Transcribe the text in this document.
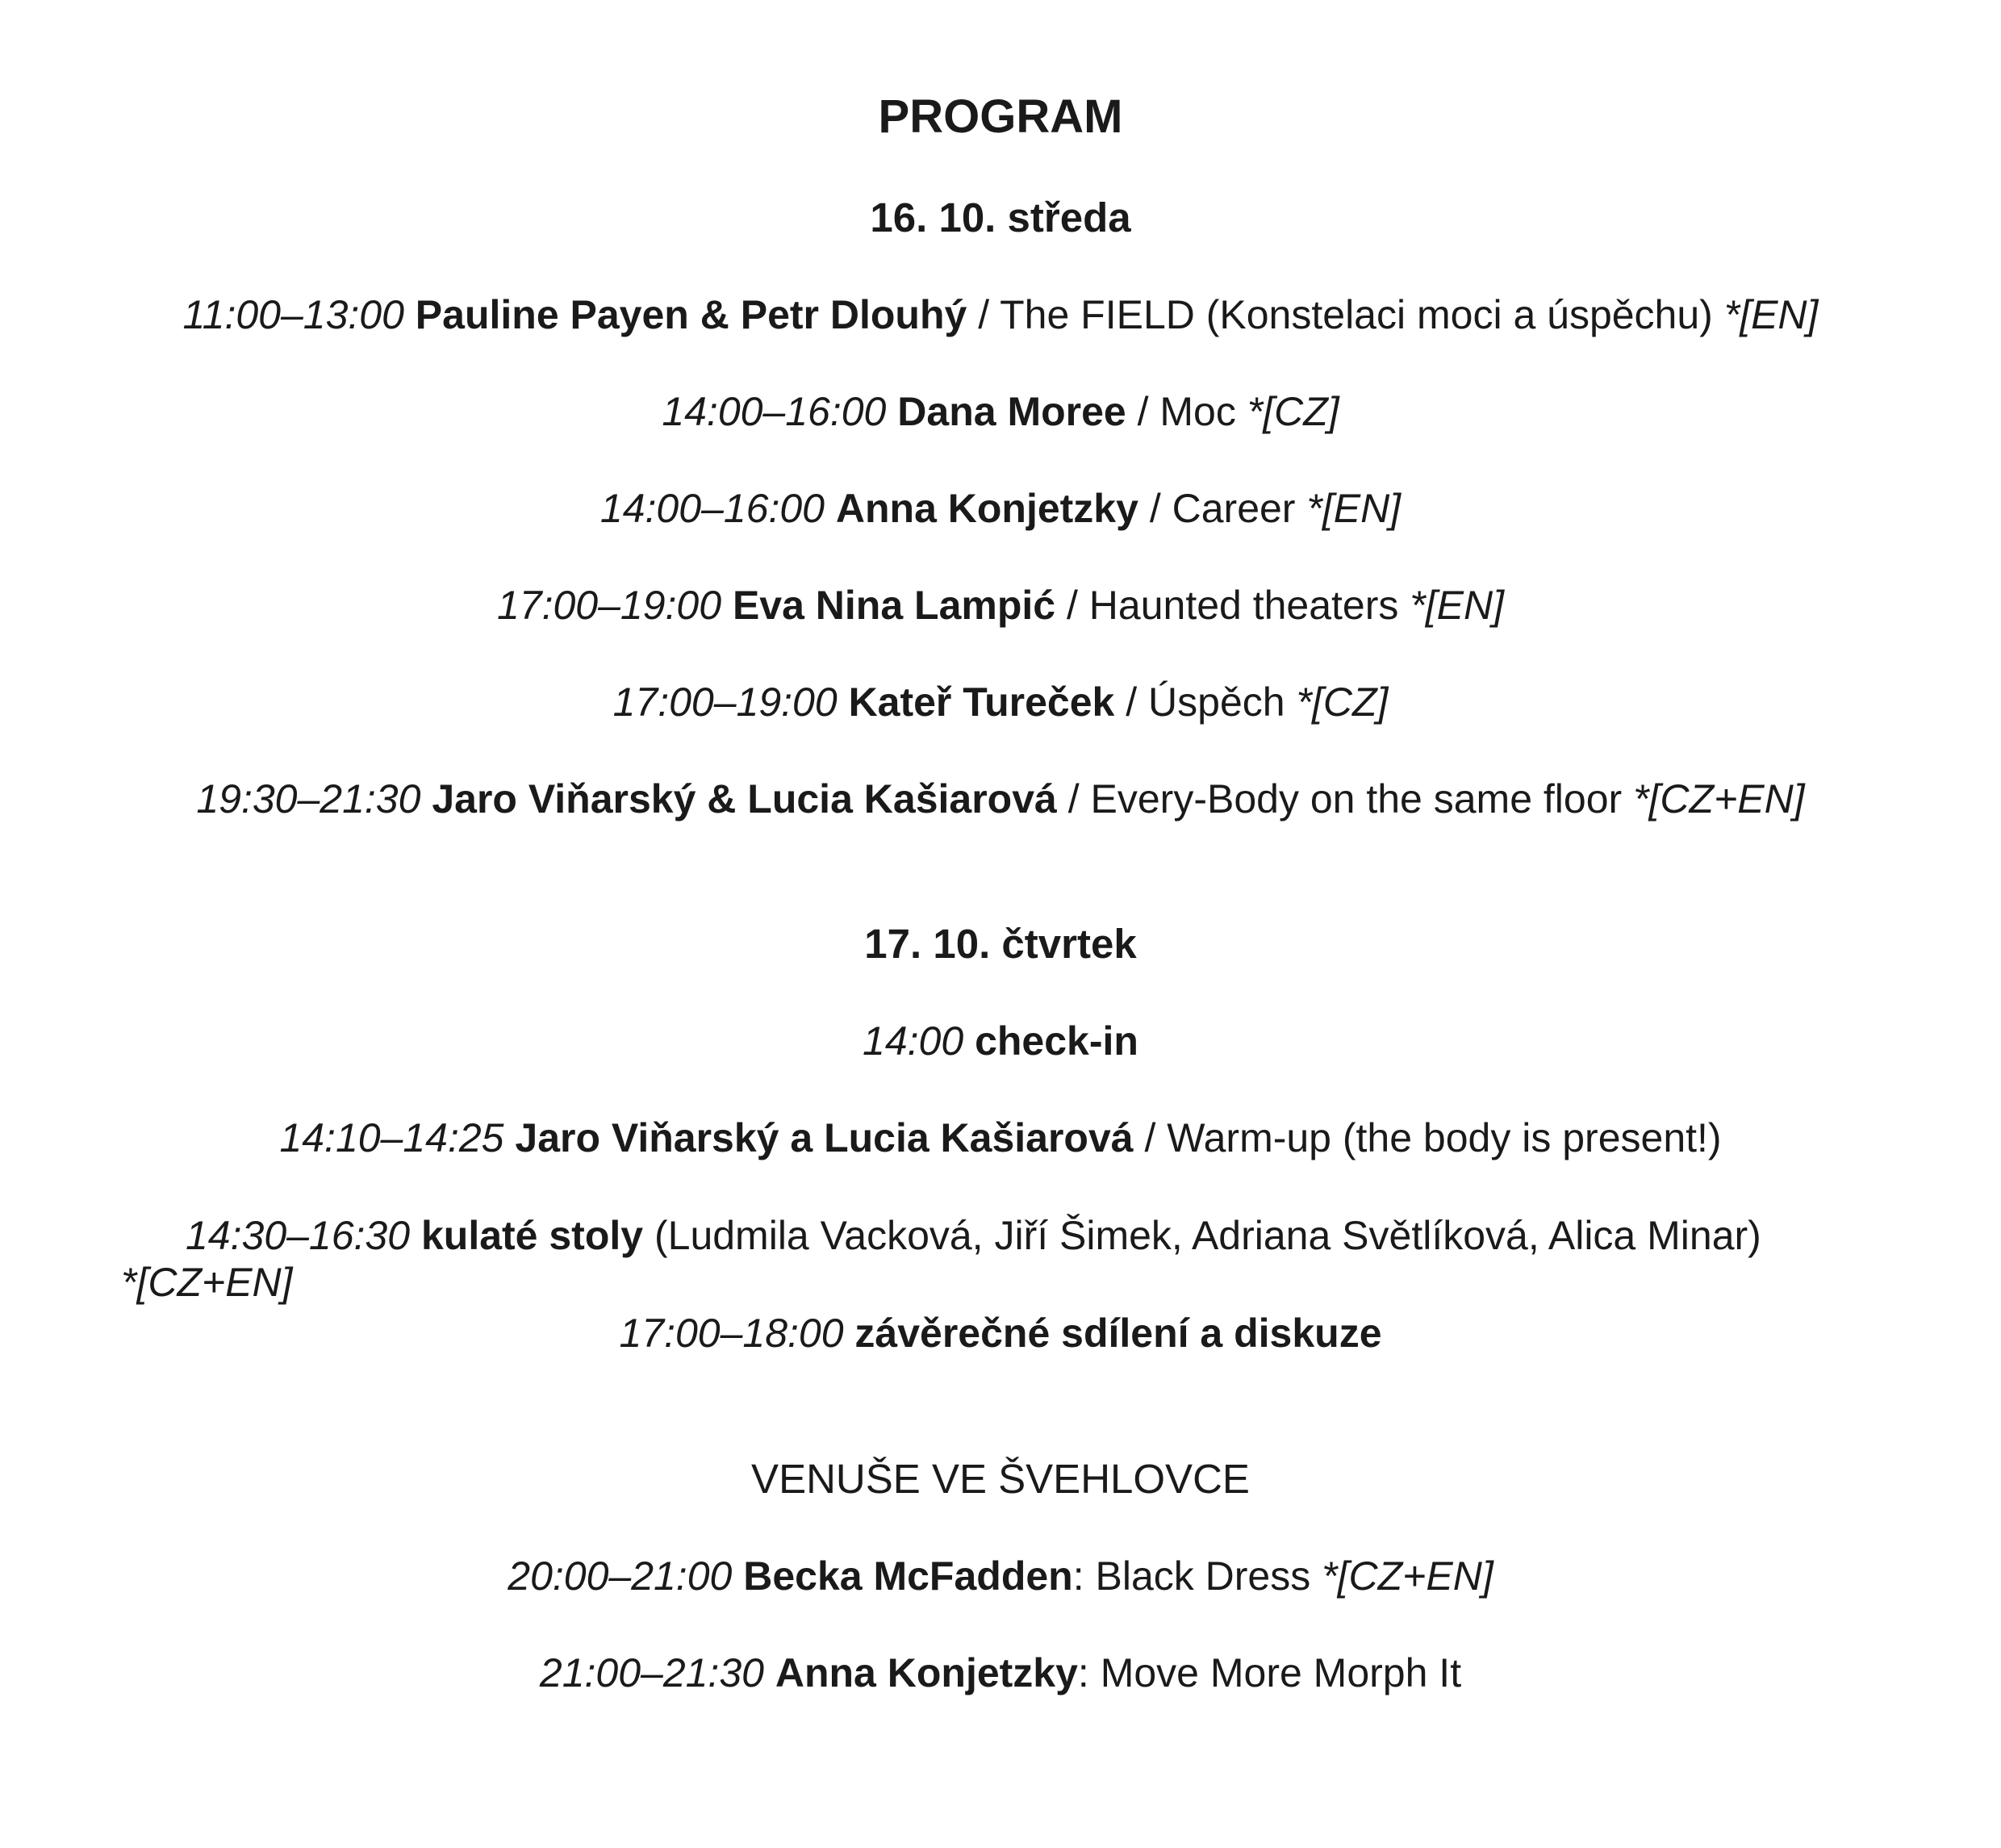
PROGRAM
16. 10. středa
11:00–13:00 Pauline Payen & Petr Dlouhý / The FIELD (Konstelaci moci a úspěchu) *[EN]
14:00–16:00 Dana Moree / Moc *[CZ]
14:00–16:00 Anna Konjetzky / Career *[EN]
17:00–19:00 Eva Nina Lampić / Haunted theaters *[EN]
17:00–19:00 Kateř Tureček / Úspěch *[CZ]
19:30–21:30 Jaro Viňarský & Lucia Kašiarová / Every-Body on the same floor *[CZ+EN]
17. 10. čtvrtek
14:00 check-in
14:10–14:25 Jaro Viňarský a Lucia Kašiarová / Warm-up (the body is present!)
14:30–16:30 kulaté stoly (Ludmila Vacková, Jiří Šimek, Adriana Světlíková, Alica Minar)
*[CZ+EN]
17:00–18:00 závěrečné sdílení a diskuze
VENUŠE VE ŠVEHLOVCE
20:00–21:00 Becka McFadden: Black Dress *[CZ+EN]
21:00–21:30 Anna Konjetzky: Move More Morph It
